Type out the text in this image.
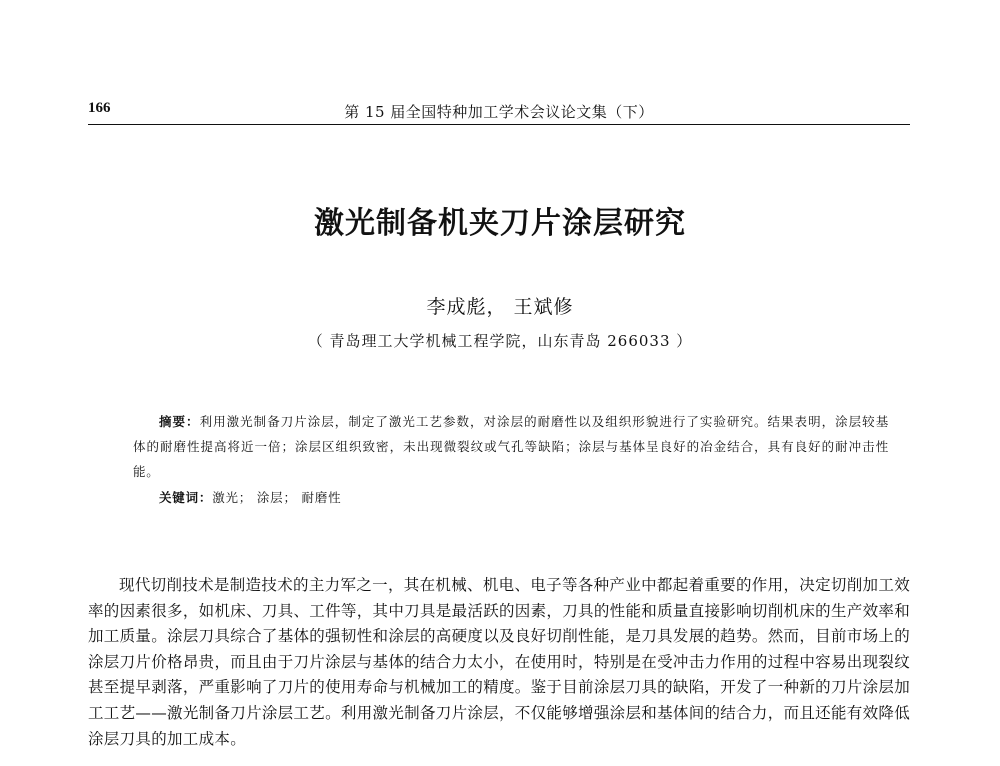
166	第 15 届全国特种加工学术会议论文集（下）
激光制备机夹刀片涂层研究
李成彪， 王斌修
（ 青岛理工大学机械工程学院，山东青岛 266033 ）
摘要：利用激光制备刀片涂层，制定了激光工艺参数，对涂层的耐磨性以及组织形貌进行了实验研究。结果表明，涂层较基体的耐磨性提高将近一倍；涂层区组织致密，未出现微裂纹或气孔等缺陷；涂层与基体呈良好的冶金结合，具有良好的耐冲击性能。
关键词：激光； 涂层； 耐磨性
现代切削技术是制造技术的主力军之一，其在机械、机电、电子等各种产业中都起着重要的作用，决定切削加工效率的因素很多，如机床、刀具、工件等，其中刀具是最活跃的因素，刀具的性能和质量直接影响切削机床的生产效率和加工质量。涂层刀具综合了基体的强韧性和涂层的高硬度以及良好切削性能，是刀具发展的趋势。然而，目前市场上的涂层刀片价格昂贵，而且由于刀片涂层与基体的结合力太小，在使用时，特别是在受冲击力作用的过程中容易出现裂纹甚至提早剥落，严重影响了刀片的使用寿命与机械加工的精度。鉴于目前涂层刀具的缺陷，开发了一种新的刀片涂层加工工艺——激光制备刀片涂层工艺。利用激光制备刀片涂层，不仅能够增强涂层和基体间的结合力，而且还能有效降低涂层刀具的加工成本。
